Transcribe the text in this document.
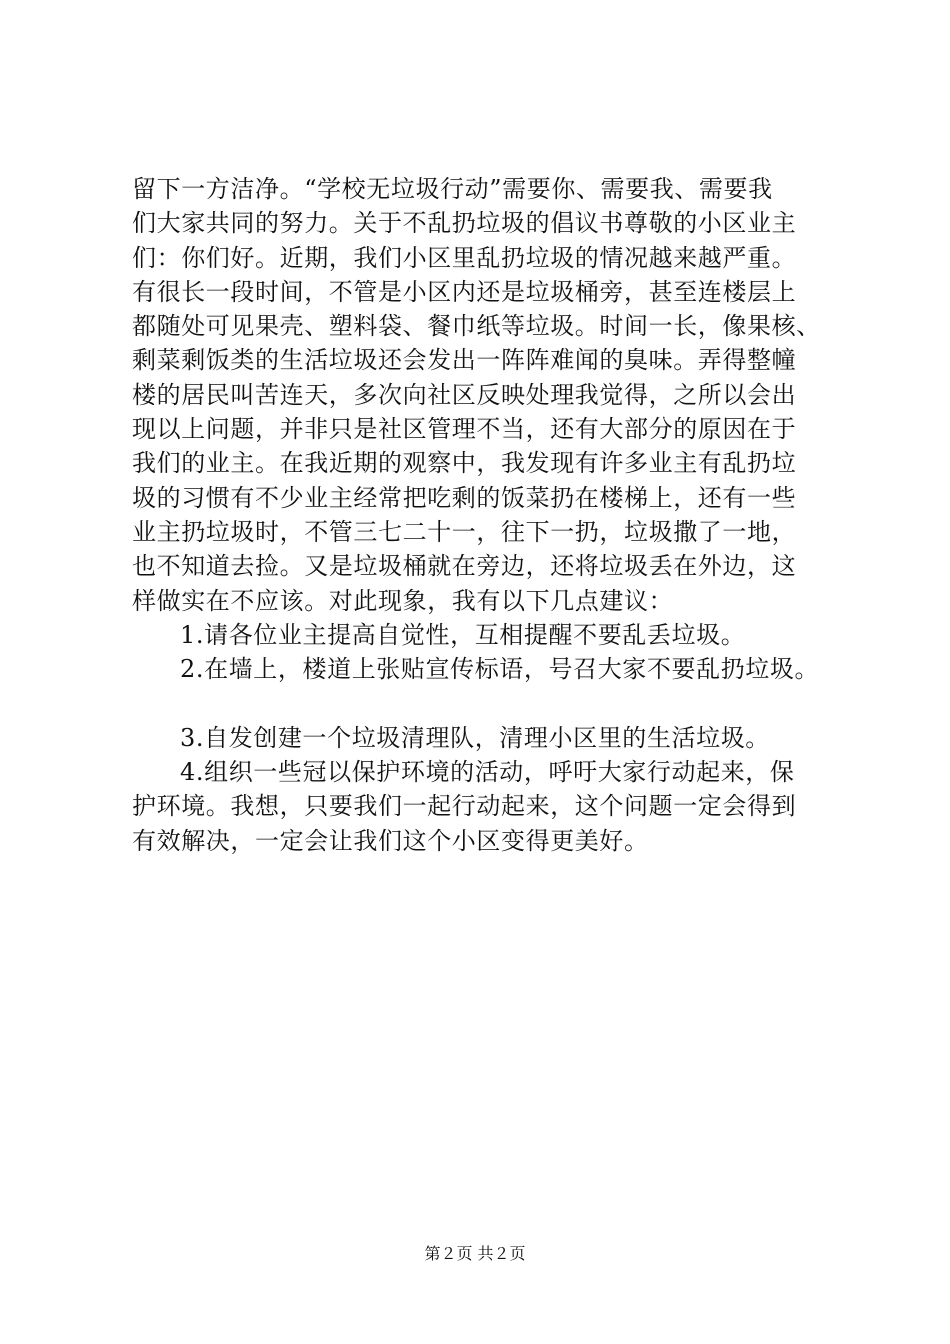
留下一方洁净。“学校无垃圾行动”需要你、需要我、需要我
们大家共同的努力。关于不乱扔垃圾的倡议书尊敬的小区业主
们：你们好。近期，我们小区里乱扔垃圾的情况越来越严重。
有很长一段时间，不管是小区内还是垃圾桶旁，甚至连楼层上
都随处可见果壳、塑料袋、餐巾纸等垃圾。时间一长，像果核、
剩菜剩饭类的生活垃圾还会发出一阵阵难闻的臭味。弄得整幢
楼的居民叫苦连天，多次向社区反映处理我觉得，之所以会出
现以上问题，并非只是社区管理不当，还有大部分的原因在于
我们的业主。在我近期的观察中，我发现有许多业主有乱扔垃
圾的习惯有不少业主经常把吃剩的饭菜扔在楼梯上，还有一些
业主扔垃圾时，不管三七二十一，往下一扔，垃圾撒了一地，
也不知道去捡。又是垃圾桶就在旁边，还将垃圾丢在外边，这
样做实在不应该。对此现象，我有以下几点建议：
1.请各位业主提高自觉性，互相提醒不要乱丢垃圾。
2.在墙上，楼道上张贴宣传标语，号召大家不要乱扔垃圾。
3.自发创建一个垃圾清理队，清理小区里的生活垃圾。
4.组织一些冠以保护环境的活动，呼吁大家行动起来，保
护环境。我想，只要我们一起行动起来，这个问题一定会得到
有效解决，一定会让我们这个小区变得更美好。
第２页 共２页
